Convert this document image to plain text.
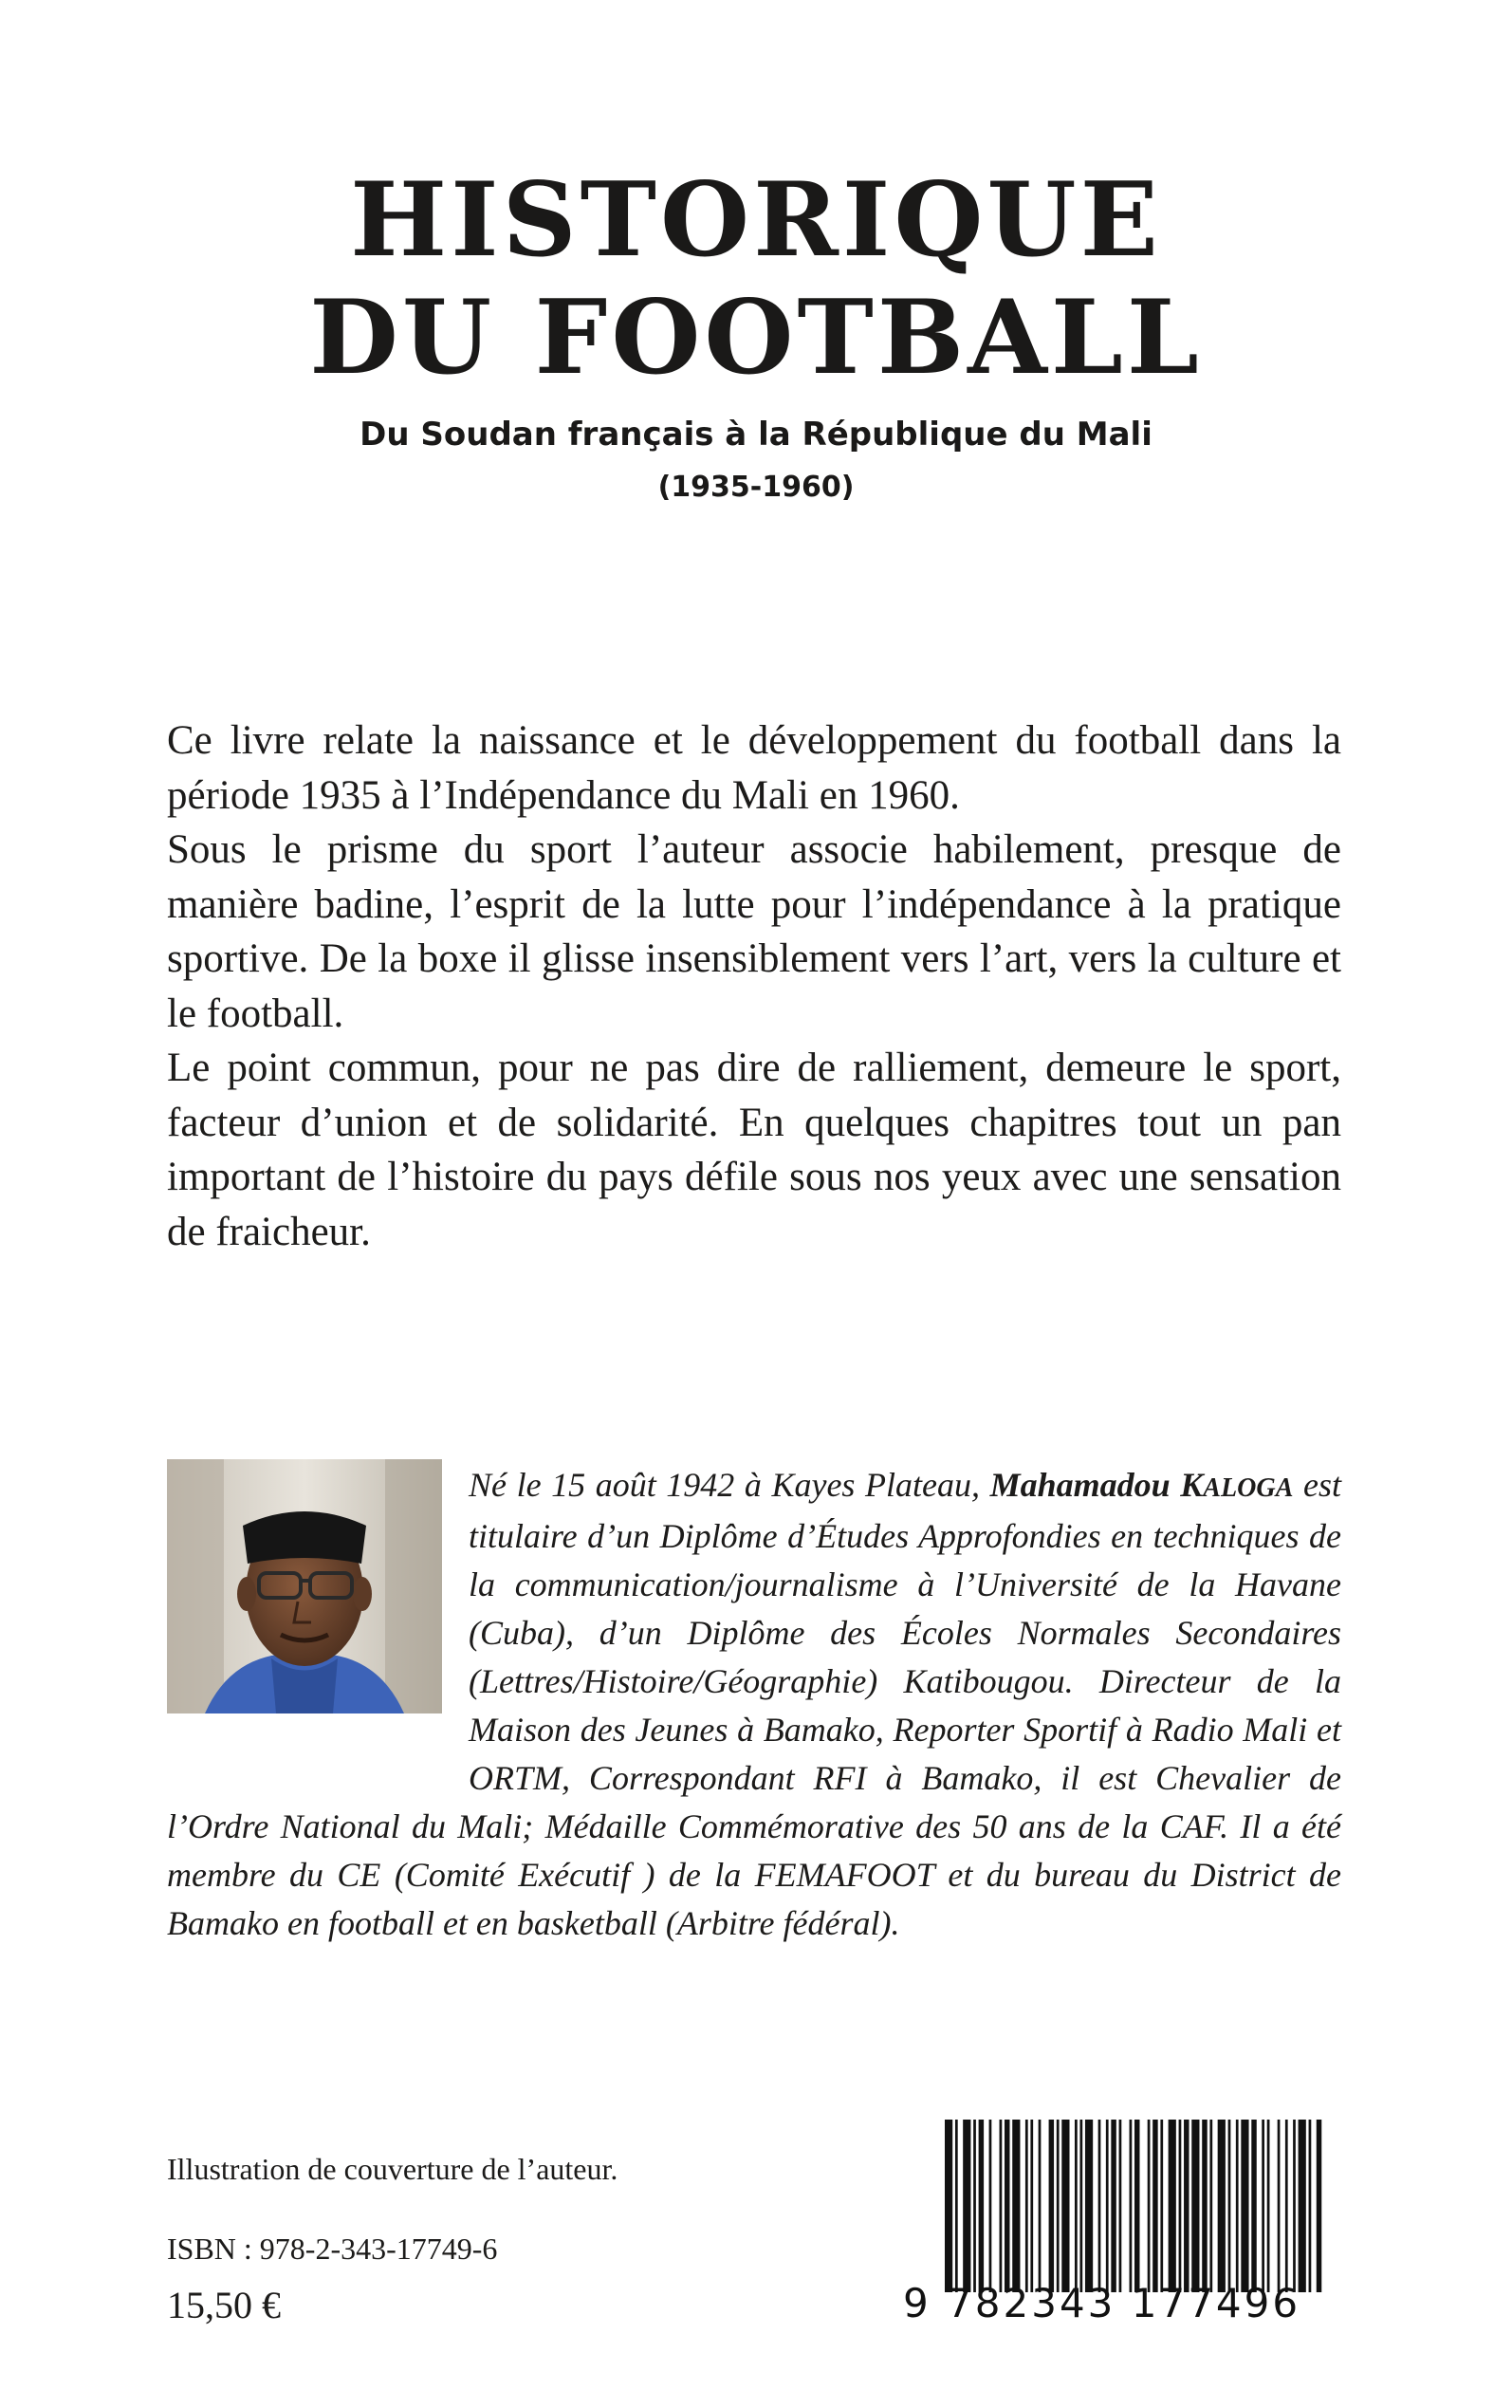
HISTORIQUE
DU FOOTBALL
Du Soudan français à la République du Mali
(1935-1960)

Ce livre relate la naissance et le développement du football dans la période 1935 à l’Indépendance du Mali en 1960.

Sous le prisme du sport l’auteur associe habilement, presque de manière badine, l’esprit de la lutte pour l’indépendance à la pratique sportive. De la boxe il glisse insensiblement vers l’art, vers la culture et le football.

Le point commun, pour ne pas dire de ralliement, demeure le sport, facteur d’union et de solidarité. En quelques chapitres tout un pan important de l’histoire du pays défile sous nos yeux avec une sensation de fraicheur.

Né le 15 août 1942 à Kayes Plateau, Mahamadou KALOGA est titulaire d’un Diplôme d’Études Approfondies en techniques de la communication/journalisme à l’Université de la Havane (Cuba), d’un Diplôme des Écoles Normales Secondaires (Lettres/Histoire/Géographie) Katibougou. Directeur de la Maison des Jeunes à Bamako, Reporter Sportif à Radio Mali et ORTM, Correspondant RFI à Bamako, il est Chevalier de l’Ordre National du Mali; Médaille Commémorative des 50 ans de la CAF. Il a été membre du CE (Comité Exécutif ) de la FEMAFOOT et du bureau du District de Bamako en football et en basketball (Arbitre fédéral).

Illustration de couverture de l’auteur.
ISBN : 978-2-343-17749-6
15,50 €	9 782343 177496
